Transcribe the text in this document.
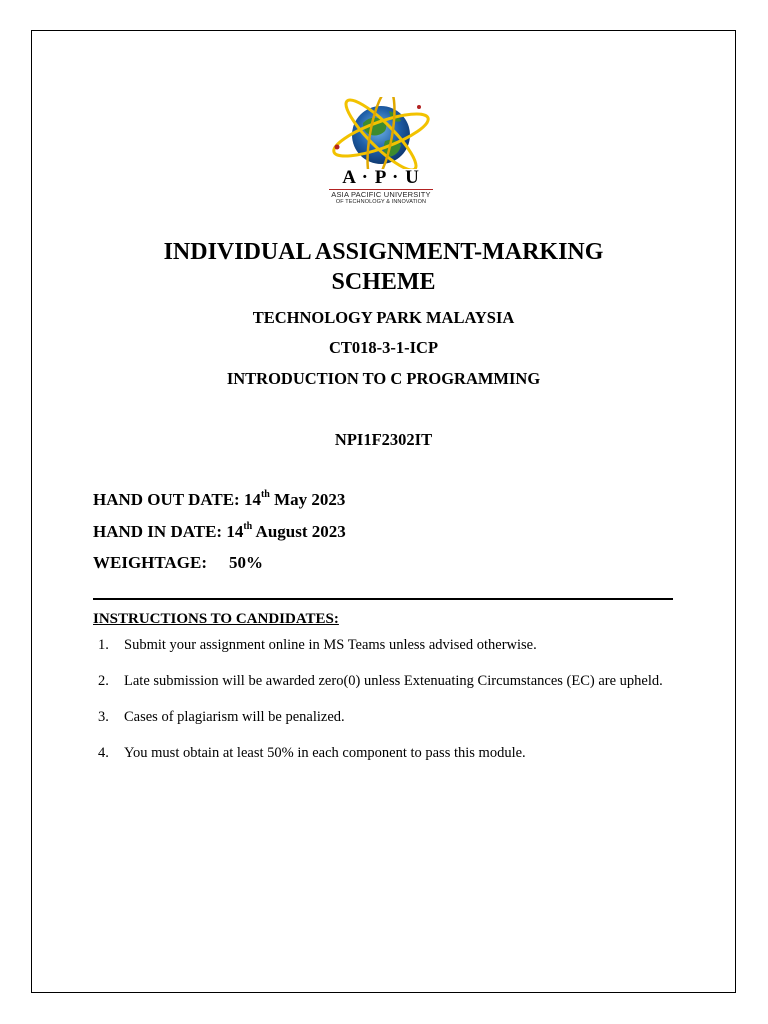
A · P · U
ASIA PACIFIC UNIVERSITY
OF TECHNOLOGY & INNOVATION
INDIVIDUAL ASSIGNMENT-MARKING
SCHEME
TECHNOLOGY PARK MALAYSIA
CT018-3-1-ICP
INTRODUCTION TO C PROGRAMMING
NPI1F2302IT
HAND OUT DATE: 14th May 2023
HAND IN DATE: 14th August 2023
WEIGHTAGE: 50%
INSTRUCTIONS TO CANDIDATES:
1. Submit your assignment online in MS Teams unless advised otherwise.
2. Late submission will be awarded zero(0) unless Extenuating Circumstances (EC) are upheld.
3. Cases of plagiarism will be penalized.
4. You must obtain at least 50% in each component to pass this module.
